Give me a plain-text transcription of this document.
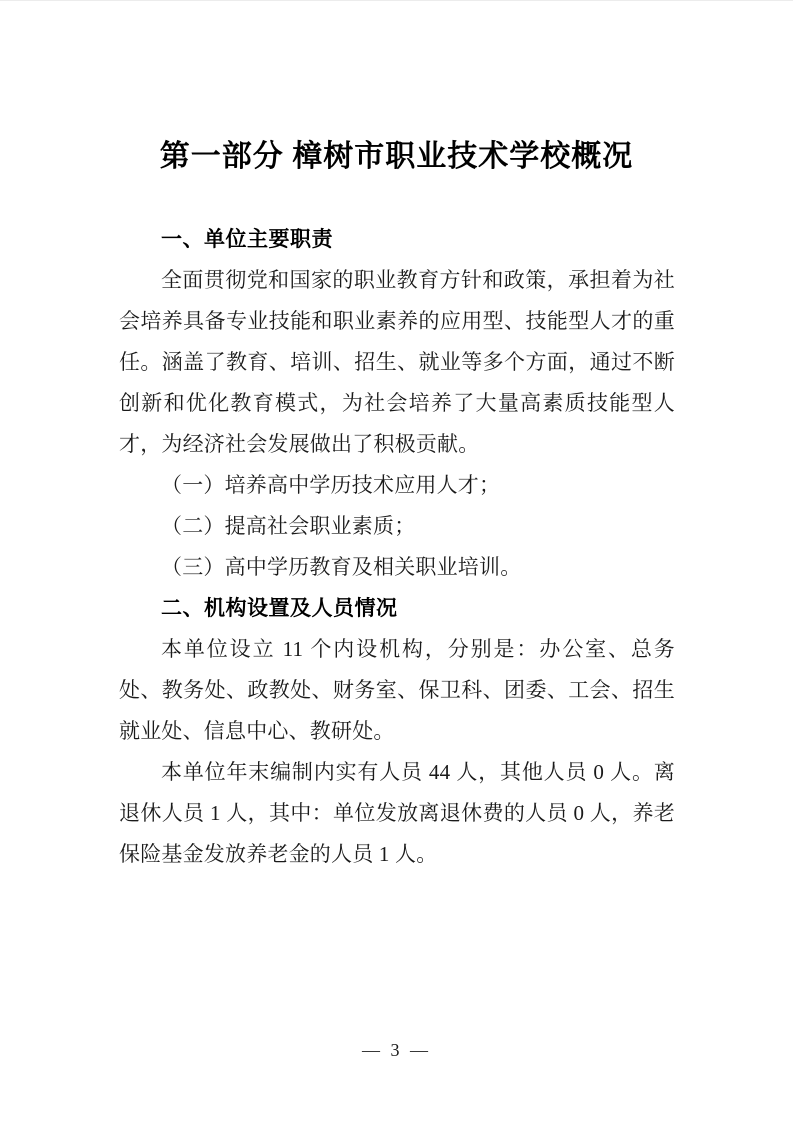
第一部分 樟树市职业技术学校概况
一、单位主要职责

全面贯彻党和国家的职业教育方针和政策，承担着为社会培养具备专业技能和职业素养的应用型、技能型人才的重任。涵盖了教育、培训、招生、就业等多个方面，通过不断创新和优化教育模式，为社会培养了大量高素质技能型人才，为经济社会发展做出了积极贡献。

（一）培养高中学历技术应用人才；

（二）提高社会职业素质；

（三）高中学历教育及相关职业培训。

二、机构设置及人员情况

本单位设立 11 个内设机构，分别是：办公室、总务处、教务处、政教处、财务室、保卫科、团委、工会、招生就业处、信息中心、教研处。

本单位年末编制内实有人员 44 人，其他人员 0 人。离退休人员 1 人，其中：单位发放离退休费的人员 0 人，养老保险基金发放养老金的人员 1 人。

— 3 —
